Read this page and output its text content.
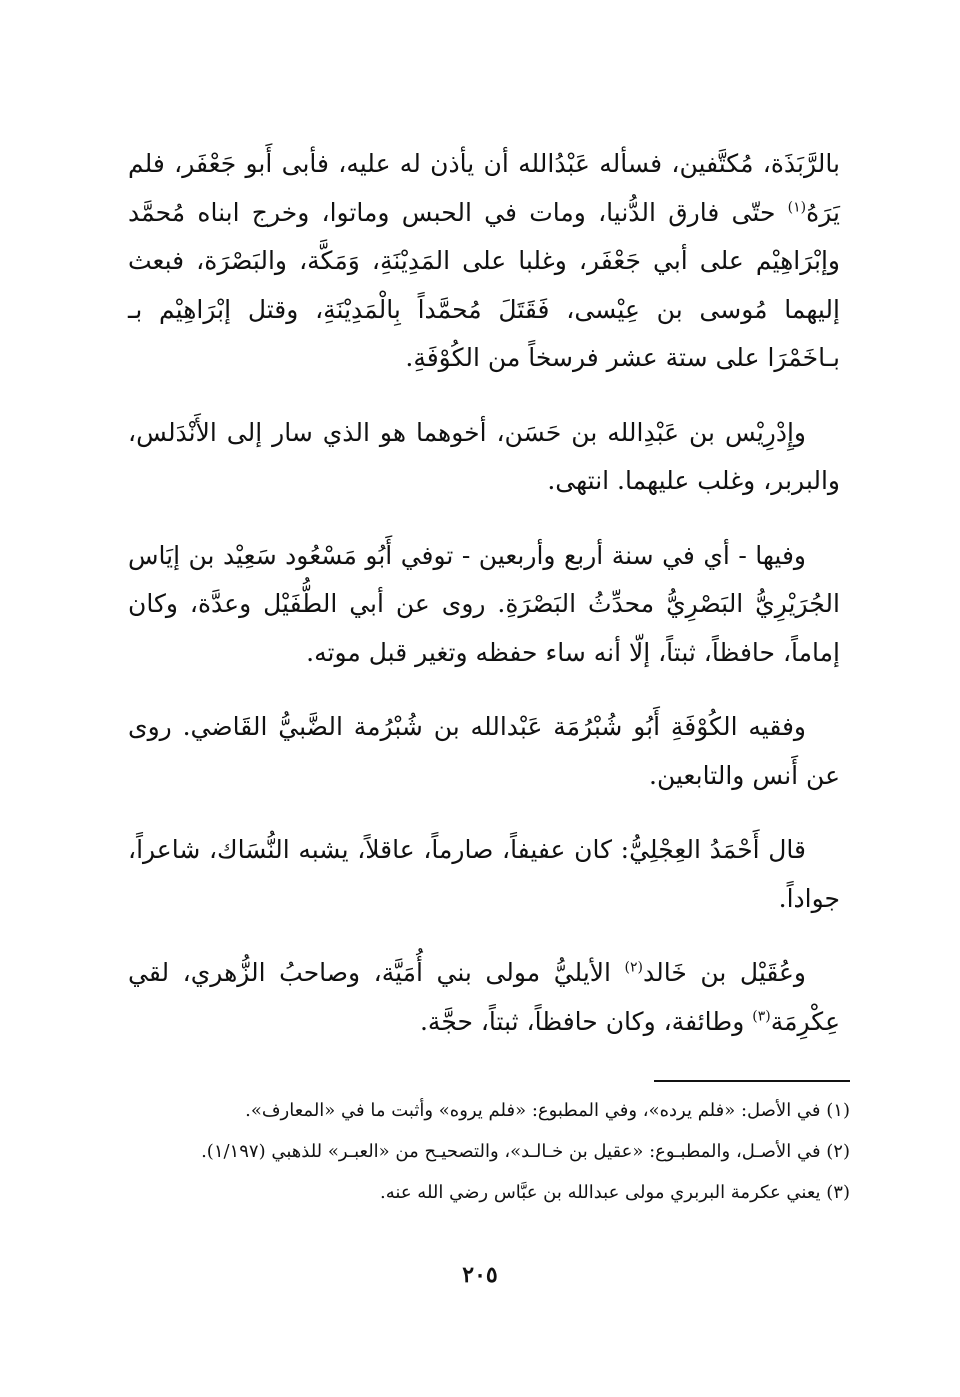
بالرَّبَذَة، مُكتَّفين، فسأله عَبْدُالله أن يأذن له عليه، فأبى أَبو جَعْفَر، فلم يَرَهُ$^{(١)}$ حتّى فارق الدُّنيا، ومات في الحبس وماتوا، وخرج ابناه مُحمَّد وإبْرَاهِيْم على أبي جَعْفَر، وغلبا على المَدِيْنَةِ، وَمَكَّة، والبَصْرَة، فبعث إليهما مُوسى بن عِيْسى، فَقَتَلَ مُحمَّداً بِالْمَدِيْنَةِ، وقتل إبْرَاهِيْم بـ بـاخَمْرَا على ستة عشر فرسخاً من الكُوْفَةِ.

وإِدْرِيْس بن عَبْدِالله بن حَسَن، أخوهما هو الذي سار إلى الأَنْدَلس، والبربر، وغلب عليهما. انتهى.

وفيها - أي في سنة أربع وأربعين - توفي أَبُو مَسْعُود سَعِيْد بن إيَاس الجُرَيْرِيُّ البَصْرِيُّ محدِّثُ البَصْرَةِ. روى عن أبي الطُّفَيْل وعدَّة، وكان إماماً، حافظاً، ثبتاً، إلّا أنه ساء حفظه وتغير قبل موته.

وفقيه الكُوْفَةِ أَبُو شُبْرُمَة عَبْدالله بن شُبْرُمة الضَّبيُّ القَاضي. روى عن أَنس والتابعين.

قال أَحْمَدُ العِجْلِيُّ: كان عفيفاً، صارماً، عاقلاً، يشبه النُّسَاك، شاعراً، جواداً.

وعُقَيْل بن خَالد$^{(٢)}$ الأيليُّ مولى بني أُمَيَّة، وصاحبُ الزُّهري، لقي عِكْرِمَة$^{(٣)}$ وطائفة، وكان حافظاً، ثبتاً، حجَّة.

(١) في الأصل: «فلم يرده»، وفي المطبوع: «فلم يروه» وأثبت ما في «المعارف».

(٢) في الأصـل، والمطبـوع: «عقيل بن خـالـد»، والتصحيـح من «العبـر» للذهبي (١/١٩٧).

(٣) يعني عكرمة البربري مولى عبدالله بن عبَّاس رضي الله عنه.

٢٠٥
